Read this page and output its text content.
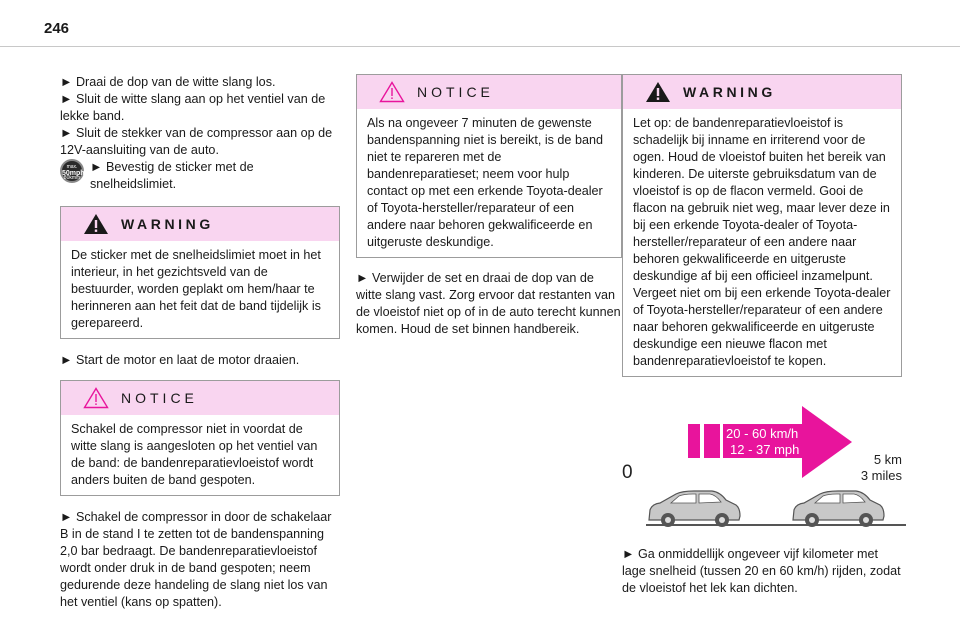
246

► Draai de dop van de witte slang los.

► Sluit de witte slang aan op het ventiel van de lekke band.

► Sluit de stekker van de compressor aan op de 12V-aansluiting van de auto.

max.
50mph
80km/h

► Bevestig de sticker met de snelheidslimiet.

WARNING
De sticker met de snelheidslimiet moet in het interieur, in het gezichtsveld van de bestuurder, worden geplakt om hem/haar te herinneren aan het feit dat de band tijdelijk is gerepareerd.

► Start de motor en laat de motor draaien.

NOTICE
Schakel de compressor niet in voordat de witte slang is aangesloten op het ventiel van de band: de bandenreparatievloeistof wordt anders buiten de band gespoten.

► Schakel de compressor in door de schakelaar B in de stand I te zetten tot de bandenspanning 2,0 bar bedraagt. De bandenreparatievloeistof wordt onder druk in de band gespoten; neem gedurende deze handeling de slang niet los van het ventiel (kans op spatten).

NOTICE
Als na ongeveer 7 minuten de gewenste bandenspanning niet is bereikt, is de band niet te repareren met de bandenreparatieset; neem voor hulp contact op met een erkende Toyota-dealer of Toyota-hersteller/reparateur of een andere naar behoren gekwalificeerde en uitgeruste deskundige.

► Verwijder de set en draai de dop van de witte slang vast. Zorg ervoor dat restanten van de vloeistof niet op of in de auto terecht kunnen komen. Houd de set binnen handbereik.

WARNING
Let op: de bandenreparatievloeistof is schadelijk bij inname en irriterend voor de ogen. Houd de vloeistof buiten het bereik van kinderen. De uiterste gebruiksdatum van de vloeistof is op de flacon vermeld. Gooi de flacon na gebruik niet weg, maar lever deze in bij een erkende Toyota-dealer of Toyota-hersteller/reparateur of een andere naar behoren gekwalificeerde en uitgeruste deskundige af bij een officieel inzamelpunt. Vergeet niet om bij een erkende Toyota-dealer of Toyota-hersteller/reparateur of een andere naar behoren gekwalificeerde en uitgeruste deskundige een nieuwe flacon met bandenreparatievloeistof te kopen.
20 - 60 km/h
12 - 37 mph
0
5 km
3 miles

► Ga onmiddellijk ongeveer vijf kilometer met lage snelheid (tussen 20 en 60 km/h) rijden, zodat de vloeistof het lek kan dichten.
